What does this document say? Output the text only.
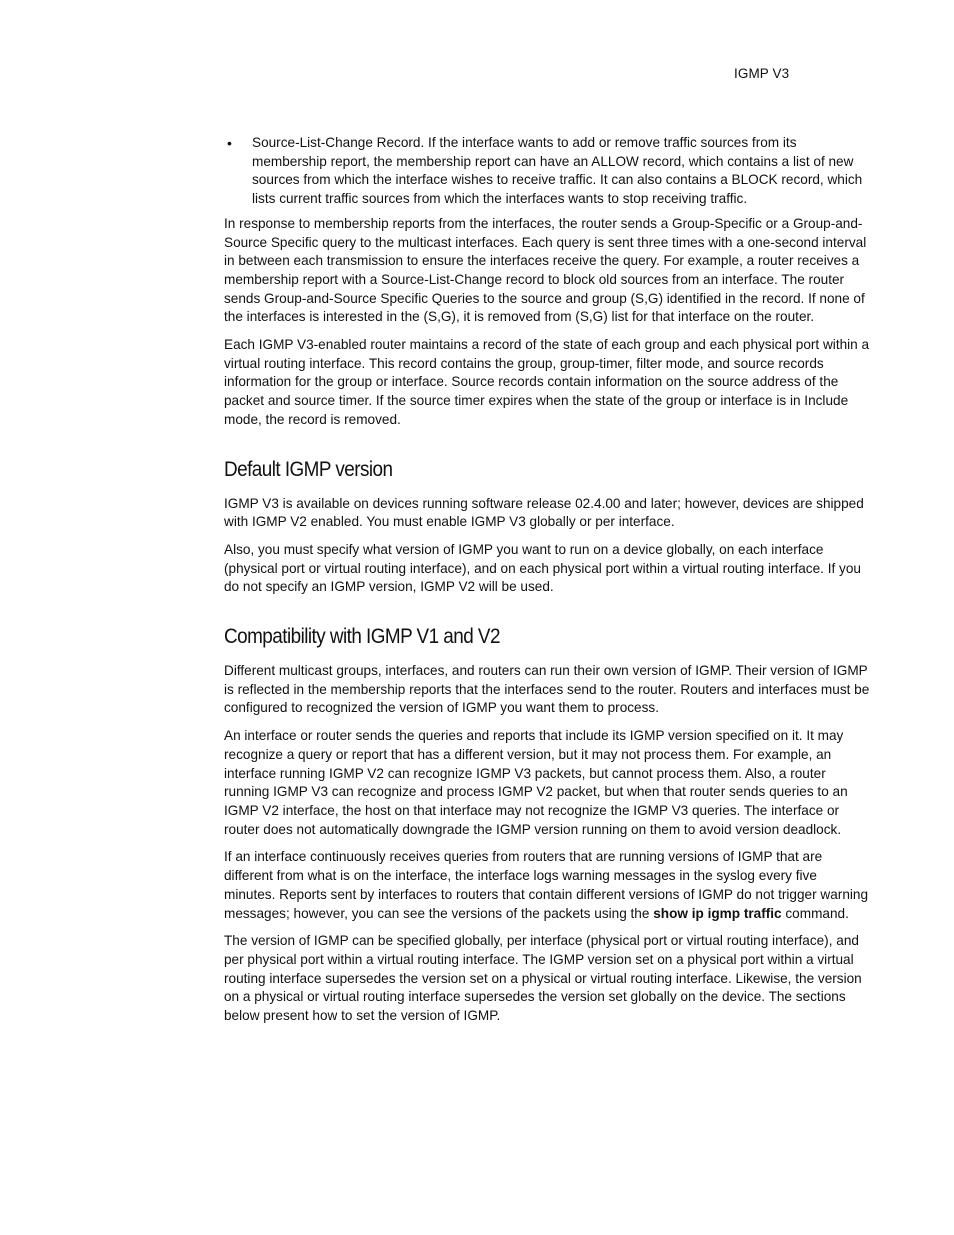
IGMP V3
• Source-List-Change Record. If the interface wants to add or remove traffic sources from its membership report, the membership report can have an ALLOW record, which contains a list of new sources from which the interface wishes to receive traffic. It can also contains a BLOCK record, which lists current traffic sources from which the interfaces wants to stop receiving traffic.

In response to membership reports from the interfaces, the router sends a Group-Specific or a Group-and-Source Specific query to the multicast interfaces. Each query is sent three times with a one-second interval in between each transmission to ensure the interfaces receive the query. For example, a router receives a membership report with a Source-List-Change record to block old sources from an interface. The router sends Group-and-Source Specific Queries to the source and group (S,G) identified in the record. If none of the interfaces is interested in the (S,G), it is removed from (S,G) list for that interface on the router.

Each IGMP V3-enabled router maintains a record of the state of each group and each physical port within a virtual routing interface. This record contains the group, group-timer, filter mode, and source records information for the group or interface. Source records contain information on the source address of the packet and source timer. If the source timer expires when the state of the group or interface is in Include mode, the record is removed.

Default IGMP version

IGMP V3 is available on devices running software release 02.4.00 and later; however, devices are shipped with IGMP V2 enabled. You must enable IGMP V3 globally or per interface.

Also, you must specify what version of IGMP you want to run on a device globally, on each interface (physical port or virtual routing interface), and on each physical port within a virtual routing interface. If you do not specify an IGMP version, IGMP V2 will be used.

Compatibility with IGMP V1 and V2

Different multicast groups, interfaces, and routers can run their own version of IGMP. Their version of IGMP is reflected in the membership reports that the interfaces send to the router. Routers and interfaces must be configured to recognized the version of IGMP you want them to process.

An interface or router sends the queries and reports that include its IGMP version specified on it. It may recognize a query or report that has a different version, but it may not process them. For example, an interface running IGMP V2 can recognize IGMP V3 packets, but cannot process them. Also, a router running IGMP V3 can recognize and process IGMP V2 packet, but when that router sends queries to an IGMP V2 interface, the host on that interface may not recognize the IGMP V3 queries. The interface or router does not automatically downgrade the IGMP version running on them to avoid version deadlock.

If an interface continuously receives queries from routers that are running versions of IGMP that are different from what is on the interface, the interface logs warning messages in the syslog every five minutes. Reports sent by interfaces to routers that contain different versions of IGMP do not trigger warning messages; however, you can see the versions of the packets using the show ip igmp traffic command.

The version of IGMP can be specified globally, per interface (physical port or virtual routing interface), and per physical port within a virtual routing interface. The IGMP version set on a physical port within a virtual routing interface supersedes the version set on a physical or virtual routing interface. Likewise, the version on a physical or virtual routing interface supersedes the version set globally on the device. The sections below present how to set the version of IGMP.
